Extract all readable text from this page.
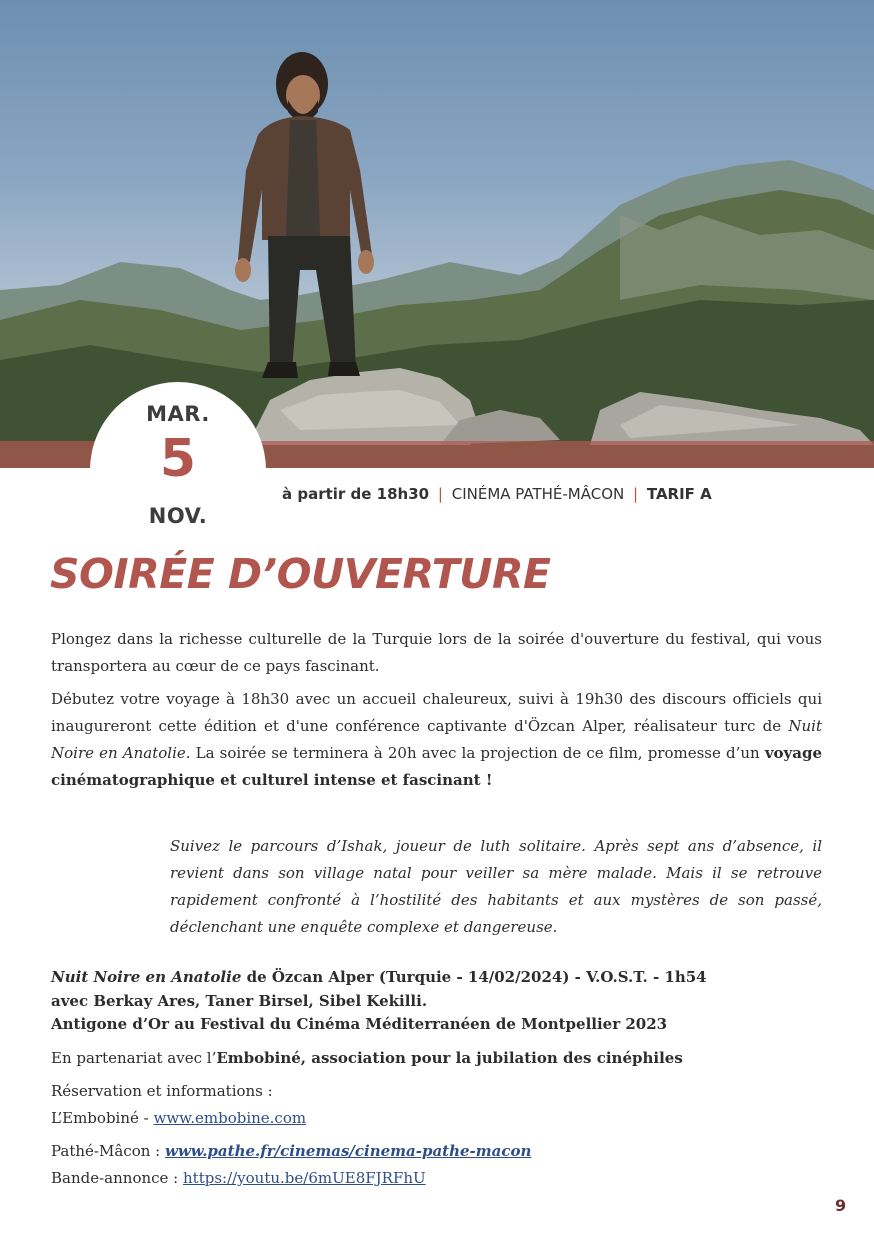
MAR.
5
NOV.
à partir de 18h30 | CINÉMA PATHÉ-MÂCON | TARIF A
SOIRÉE D’OUVERTURE

Plongez dans la richesse culturelle de la Turquie lors de la soirée d'ouverture du festival, qui vous transportera au cœur de ce pays fascinant.

Débutez votre voyage à 18h30 avec un accueil chaleureux, suivi à 19h30 des discours officiels qui inaugureront cette édition et d'une conférence captivante d'Özcan Alper, réalisateur turc de Nuit Noire en Anatolie. La soirée se terminera à 20h avec la projection de ce film, promesse d’un voyage cinématographique et culturel intense et fascinant !

Suivez le parcours d’Ishak, joueur de luth solitaire. Après sept ans d’absence, il revient dans son village natal pour veiller sa mère malade. Mais il se retrouve rapidement confronté à l’hostilité des habitants et aux mystères de son passé, déclenchant une enquête complexe et dangereuse.

Nuit Noire en Anatolie de Özcan Alper (Turquie - 14/02/2024) - V.O.S.T. - 1h54
avec Berkay Ares, Taner Birsel, Sibel Kekilli.
Antigone d’Or au Festival du Cinéma Méditerranéen de Montpellier 2023
En partenariat avec l’Embobiné, association pour la jubilation des cinéphiles
Réservation et informations :
L’Embobiné - www.embobine.com
Pathé-Mâcon : www.pathe.fr/cinemas/cinema-pathe-macon
Bande-annonce : https://youtu.be/6mUE8FJRFhU
9
